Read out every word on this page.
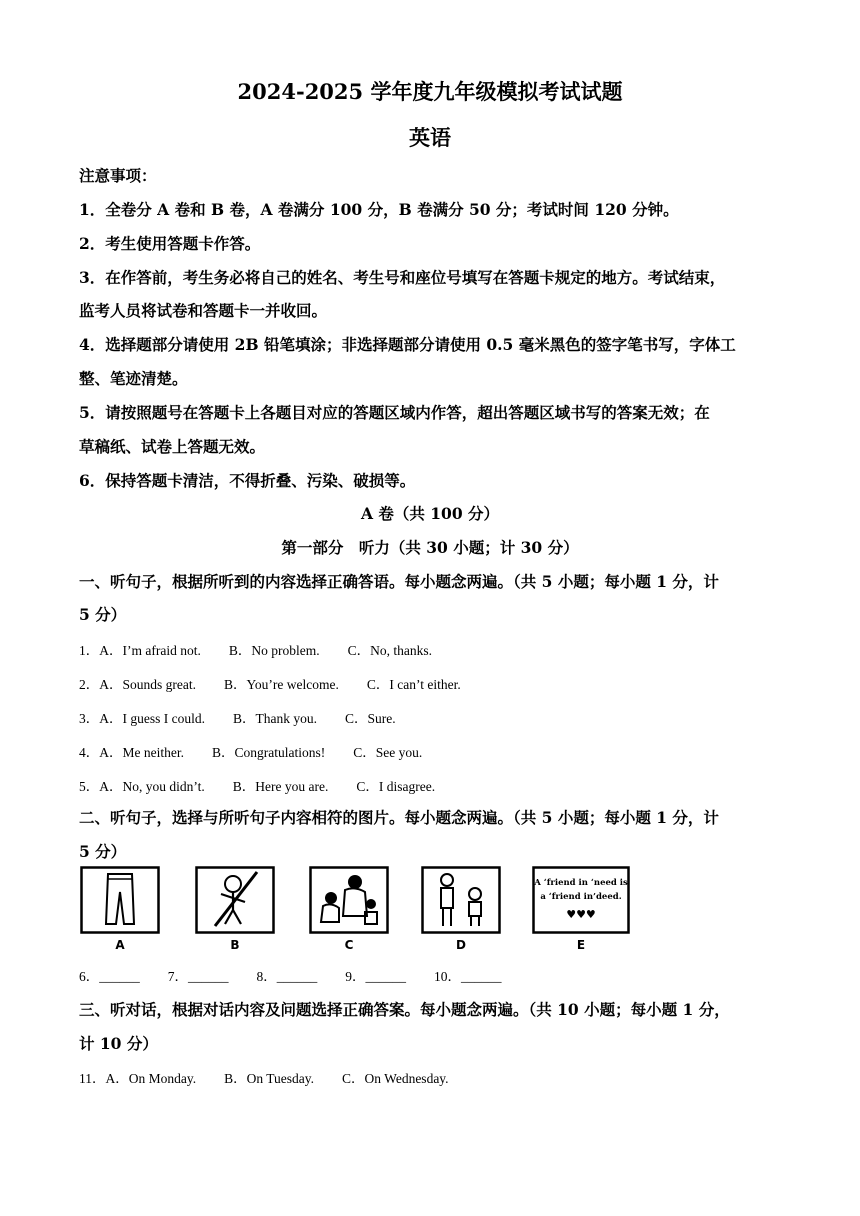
2024-2025 学年度九年级模拟考试试题
英语
注意事项：
1．全卷分 A 卷和 B 卷，A 卷满分 100 分，B 卷满分 50 分；考试时间 120 分钟。
2．考生使用答题卡作答。
3．在作答前，考生务必将自己的姓名、考生号和座位号填写在答题卡规定的地方。考试结束，
监考人员将试卷和答题卡一并收回。
4．选择题部分请使用 2B 铅笔填涂；非选择题部分请使用 0.5 毫米黑色的签字笔书写，字体工
整、笔迹清楚。
5．请按照题号在答题卡上各题目对应的答题区域内作答，超出答题区域书写的答案无效；在
草稿纸、试卷上答题无效。
6．保持答题卡清洁，不得折叠、污染、破损等。
A 卷（共 100 分）
第一部分　听力（共 30 小题；计 30 分）
一、听句子，根据所听到的内容选择正确答语。每小题念两遍。（共 5 小题；每小题 1 分，计
5 分）
1．A．I’m afraid not. B．No problem. C．No, thanks.
2．A．Sounds great. B．You’re welcome. C．I can’t either.
3．A．I guess I could. B．Thank you. C．Sure.
4．A．Me neither. B．Congratulations! C．See you.
5．A．No, you didn’t. B．Here you are. C．I disagree.
二、听句子，选择与所听句子内容相符的图片。每小题念两遍。（共 5 小题；每小题 1 分，计
5 分）
A	B	C	D
A ‘friend in ‘need is
a ‘friend in’deed.
♥♥♥
E
6．______ 7．______ 8．______ 9．______ 10．______
三、听对话，根据对话内容及问题选择正确答案。每小题念两遍。（共 10 小题；每小题 1 分，
计 10 分）
11．A．On Monday. B．On Tuesday. C．On Wednesday.
